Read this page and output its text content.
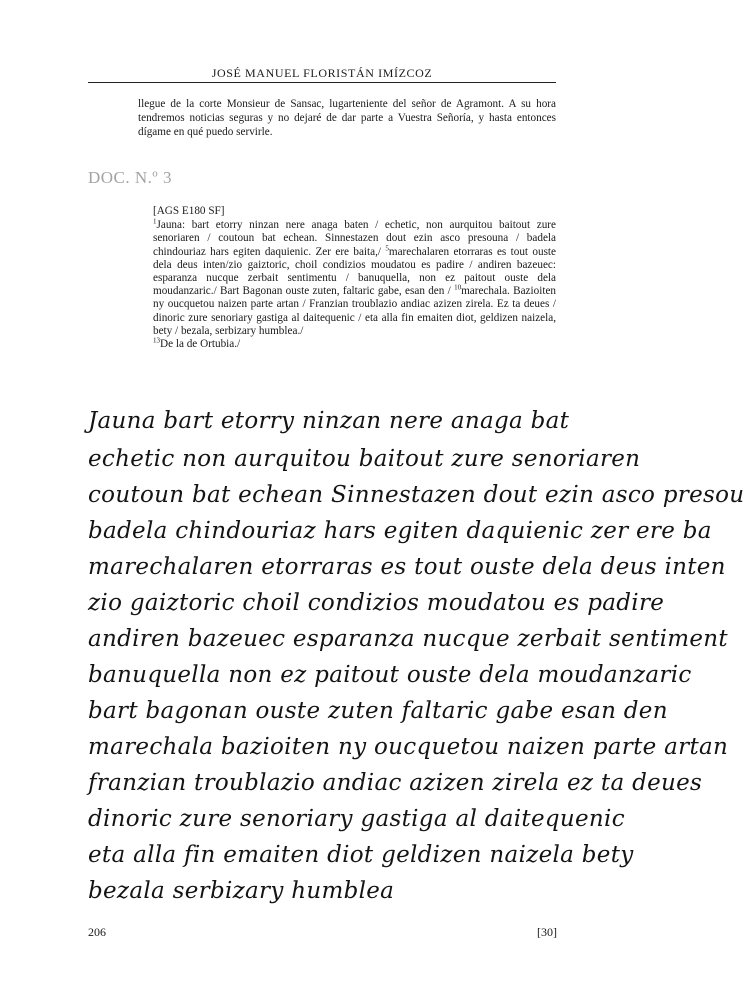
JOSÉ MANUEL FLORISTÁN IMÍZCOZ
llegue de la corte Monsieur de Sansac, lugarteniente del señor de Agramont. A su hora tendremos noticias seguras y no dejaré de dar parte a Vuestra Señoría, y hasta entonces dígame en qué puedo servirle.
DOC. N.º 3

[AGS E180 SF]

$^1$Jauna: bart etorry ninzan nere anaga baten / echetic, non aurquitou baitout zure senoriaren / coutoun bat echean. Sinnestazen dout ezin asco presouna / badela chindouriaz hars egiten daquienic. Zer ere baita,/ $^5$marechalaren etorraras es tout ouste dela deus inten/zio gaiztoric, choil condizios moudatou es padire / andiren bazeuec: esparanza nucque zerbait sentimentu / banuquella, non ez paitout ouste dela moudanzaric./ Bart Bagonan ouste zuten, faltaric gabe, esan den / $^{10}$marechala. Bazioiten ny oucquetou naizen parte artan / Franzian troublazio andiac azizen zirela. Ez ta deues / dinoric zure senoriary gastiga al daitequenic / eta alla fin emaiten diot, geldizen naizela, bety / bezala, serbizary humblea./

$^{13}$De la de Ortubia./

Jauna bart etorry ninzan nere anaga bat
echetic non aurquitou baitout zure senoriaren
coutoun bat echean Sinnestazen dout ezin asco presou
badela chindouriaz hars egiten daquienic zer ere ba
marechalaren etorraras es tout ouste dela deus inten
zio gaiztoric choil condizios moudatou es padire
andiren bazeuec esparanza nucque zerbait sentiment
banuquella non ez paitout ouste dela moudanzaric
bart bagonan ouste zuten faltaric gabe esan den
marechala bazioiten ny oucquetou naizen parte artan
franzian troublazio andiac azizen zirela ez ta deues
dinoric zure senoriary gastiga al daitequenic
eta alla fin emaiten diot geldizen naizela bety
bezala serbizary humblea
206	[30]
